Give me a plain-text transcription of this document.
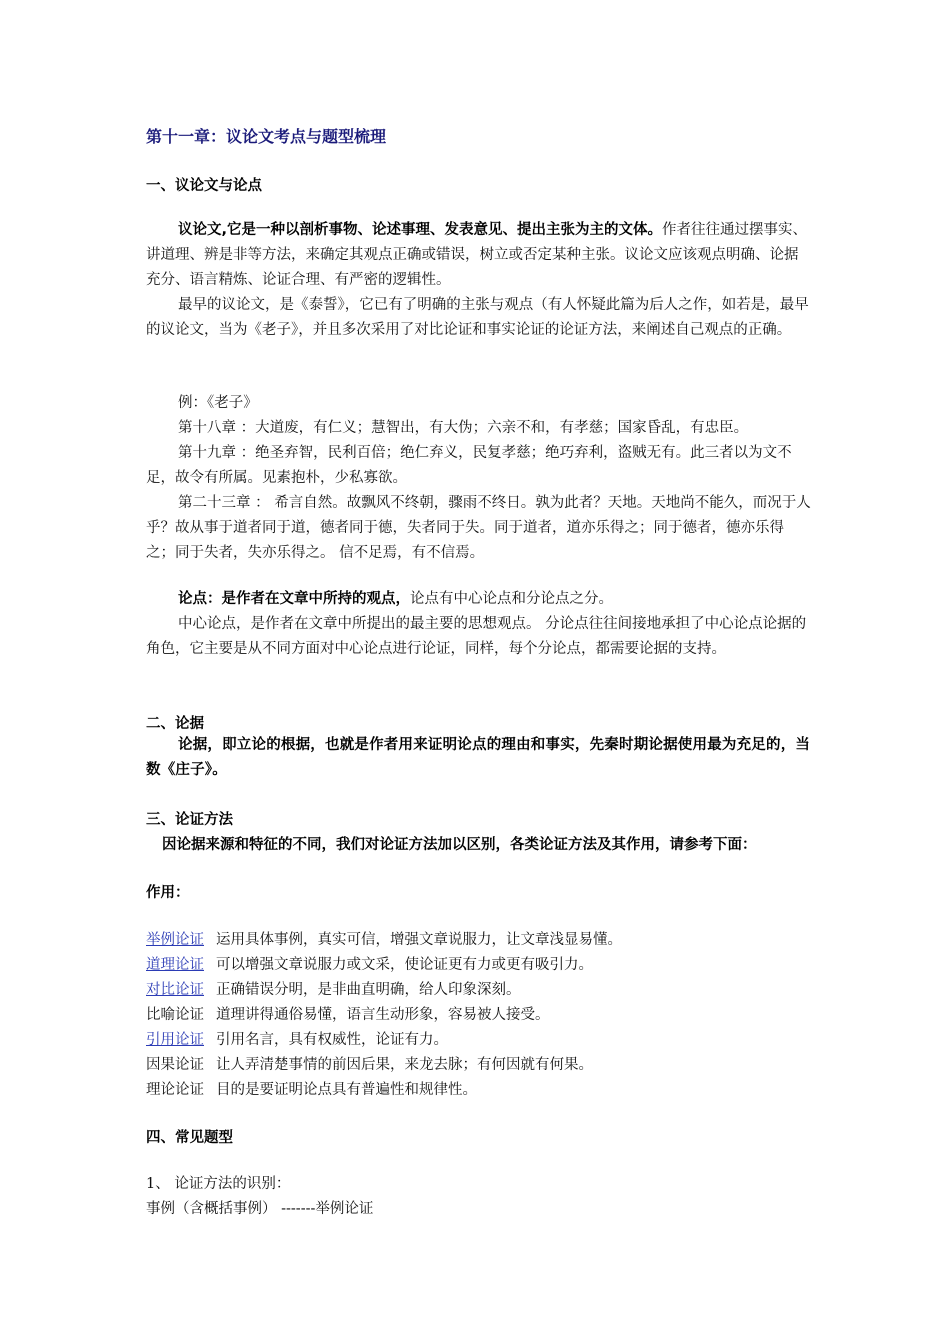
第十一章：议论文考点与题型梳理
一、议论文与论点

议论文,它是一种以剖析事物、论述事理、发表意见、提出主张为主的文体。作者往往通过摆事实、讲道理、辨是非等方法，来确定其观点正确或错误，树立或否定某种主张。议论文应该观点明确、论据充分、语言精炼、论证合理、有严密的逻辑性。

最早的议论文，是《泰誓》，它已有了明确的主张与观点（有人怀疑此篇为后人之作，如若是，最早的议论文，当为《老子》，并且多次采用了对比论证和事实论证的论证方法，来阐述自己观点的正确。

例：《老子》

第十八章 ：大道废，有仁义；慧智出，有大伪；六亲不和，有孝慈；国家昏乱，有忠臣。

第十九章 ：绝圣弃智，民利百倍；绝仁弃义，民复孝慈；绝巧弃利，盗贼无有。此三者以为文不足，故令有所属。见素抱朴，少私寡欲。

第二十三章 ： 希言自然。故飘风不终朝，骤雨不终日。孰为此者？天地。天地尚不能久，而况于人乎？故从事于道者同于道，德者同于德，失者同于失。同于道者，道亦乐得之；同于德者，德亦乐得之；同于失者，失亦乐得之。 信不足焉，有不信焉。

论点：是作者在文章中所持的观点，论点有中心论点和分论点之分。

中心论点，是作者在文章中所提出的最主要的思想观点。 分论点往往间接地承担了中心论点论据的角色，它主要是从不同方面对中心论点进行论证，同样，每个分论点，都需要论据的支持。

二、论据

论据，即立论的根据，也就是作者用来证明论点的理由和事实，先秦时期论据使用最为充足的，当数《庄子》。

三、论证方法
因论据来源和特征的不同，我们对论证方法加以区别，各类论证方法及其作用，请参考下面：
作用：
举例论证 运用具体事例，真实可信，增强文章说服力，让文章浅显易懂。
道理论证 可以增强文章说服力或文采，使论证更有力或更有吸引力。
对比论证 正确错误分明，是非曲直明确，给人印象深刻。
比喻论证 道理讲得通俗易懂，语言生动形象，容易被人接受。
引用论证 引用名言，具有权威性，论证有力。
因果论证 让人弄清楚事情的前因后果，来龙去脉；有何因就有何果。
理论论证 目的是要证明论点具有普遍性和规律性。
四、常见题型
1、 论证方法的识别：
事例（含概括事例） -------举例论证
